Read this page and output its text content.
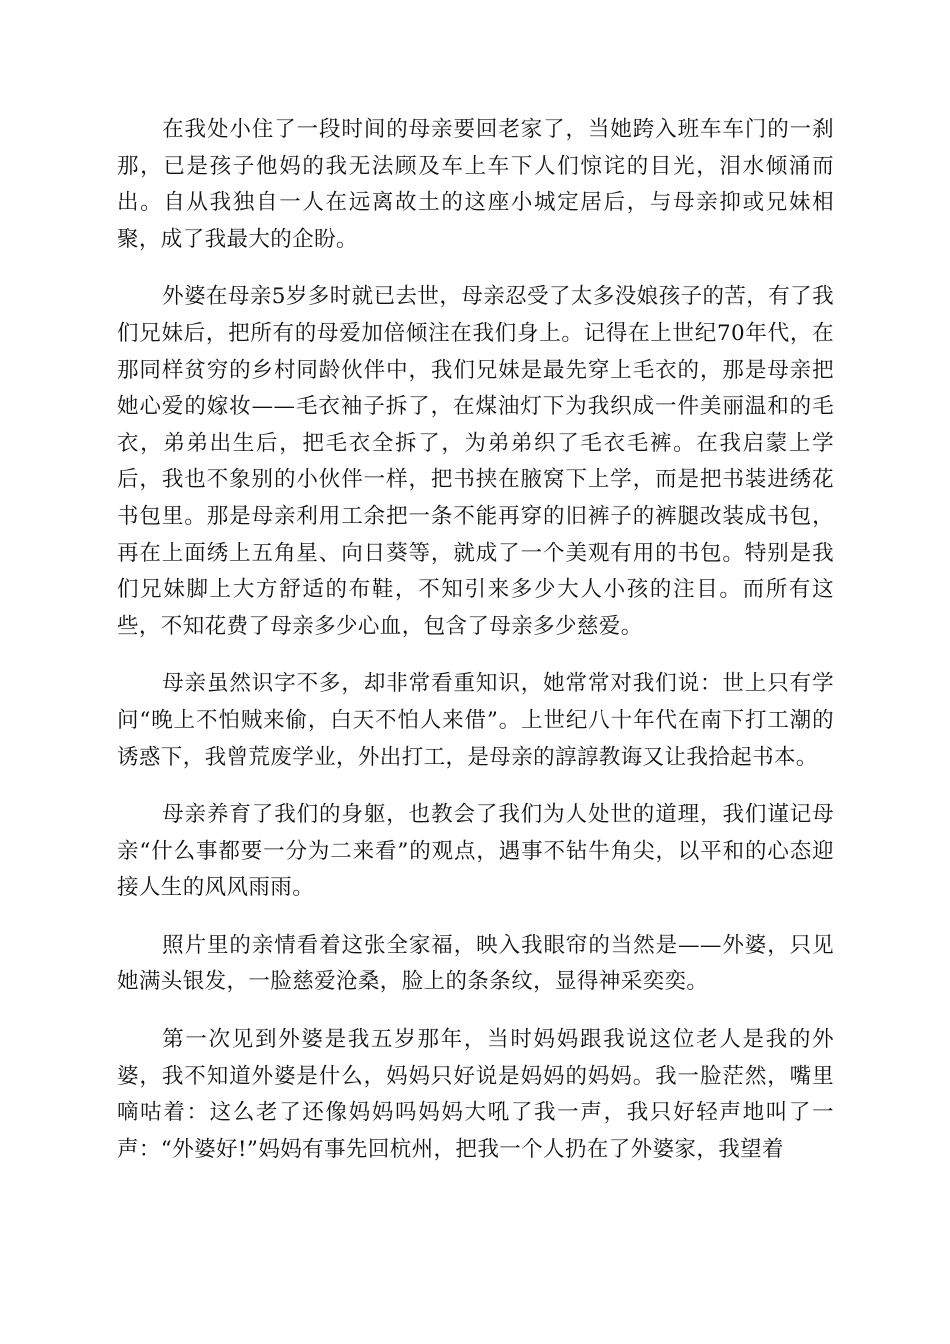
在我处小住了一段时间的母亲要回老家了，当她跨入班车车门的一刹那，已是孩子他妈的我无法顾及车上车下人们惊诧的目光，泪水倾涌而出。自从我独自一人在远离故土的这座小城定居后，与母亲抑或兄妹相聚，成了我最大的企盼。

外婆在母亲5岁多时就已去世，母亲忍受了太多没娘孩子的苦，有了我们兄妹后，把所有的母爱加倍倾注在我们身上。记得在上世纪70年代，在那同样贫穷的乡村同龄伙伴中，我们兄妹是最先穿上毛衣的，那是母亲把她心爱的嫁妆——毛衣袖子拆了，在煤油灯下为我织成一件美丽温和的毛衣，弟弟出生后，把毛衣全拆了，为弟弟织了毛衣毛裤。在我启蒙上学后，我也不象别的小伙伴一样，把书挟在腋窝下上学，而是把书装进绣花书包里。那是母亲利用工余把一条不能再穿的旧裤子的裤腿改装成书包，再在上面绣上五角星、向日葵等，就成了一个美观有用的书包。特别是我们兄妹脚上大方舒适的布鞋，不知引来多少大人小孩的注目。而所有这些，不知花费了母亲多少心血，包含了母亲多少慈爱。

母亲虽然识字不多，却非常看重知识，她常常对我们说：世上只有学问“晚上不怕贼来偷，白天不怕人来借”。上世纪八十年代在南下打工潮的诱惑下，我曾荒废学业，外出打工，是母亲的諄諄教诲又让我拾起书本。

母亲养育了我们的身躯，也教会了我们为人处世的道理，我们谨记母亲“什么事都要一分为二来看”的观点，遇事不钻牛角尖，以平和的心态迎接人生的风风雨雨。

照片里的亲情看着这张全家福，映入我眼帘的当然是——外婆，只见她满头银发，一脸慈爱沧桑，脸上的条条纹，显得神采奕奕。

第一次见到外婆是我五岁那年，当时妈妈跟我说这位老人是我的外婆，我不知道外婆是什么，妈妈只好说是妈妈的妈妈。我一脸茫然，嘴里嘀咕着：这么老了还像妈妈吗妈妈大吼了我一声，我只好轻声地叫了一声：“外婆好!”妈妈有事先回杭州，把我一个人扔在了外婆家，我望着
